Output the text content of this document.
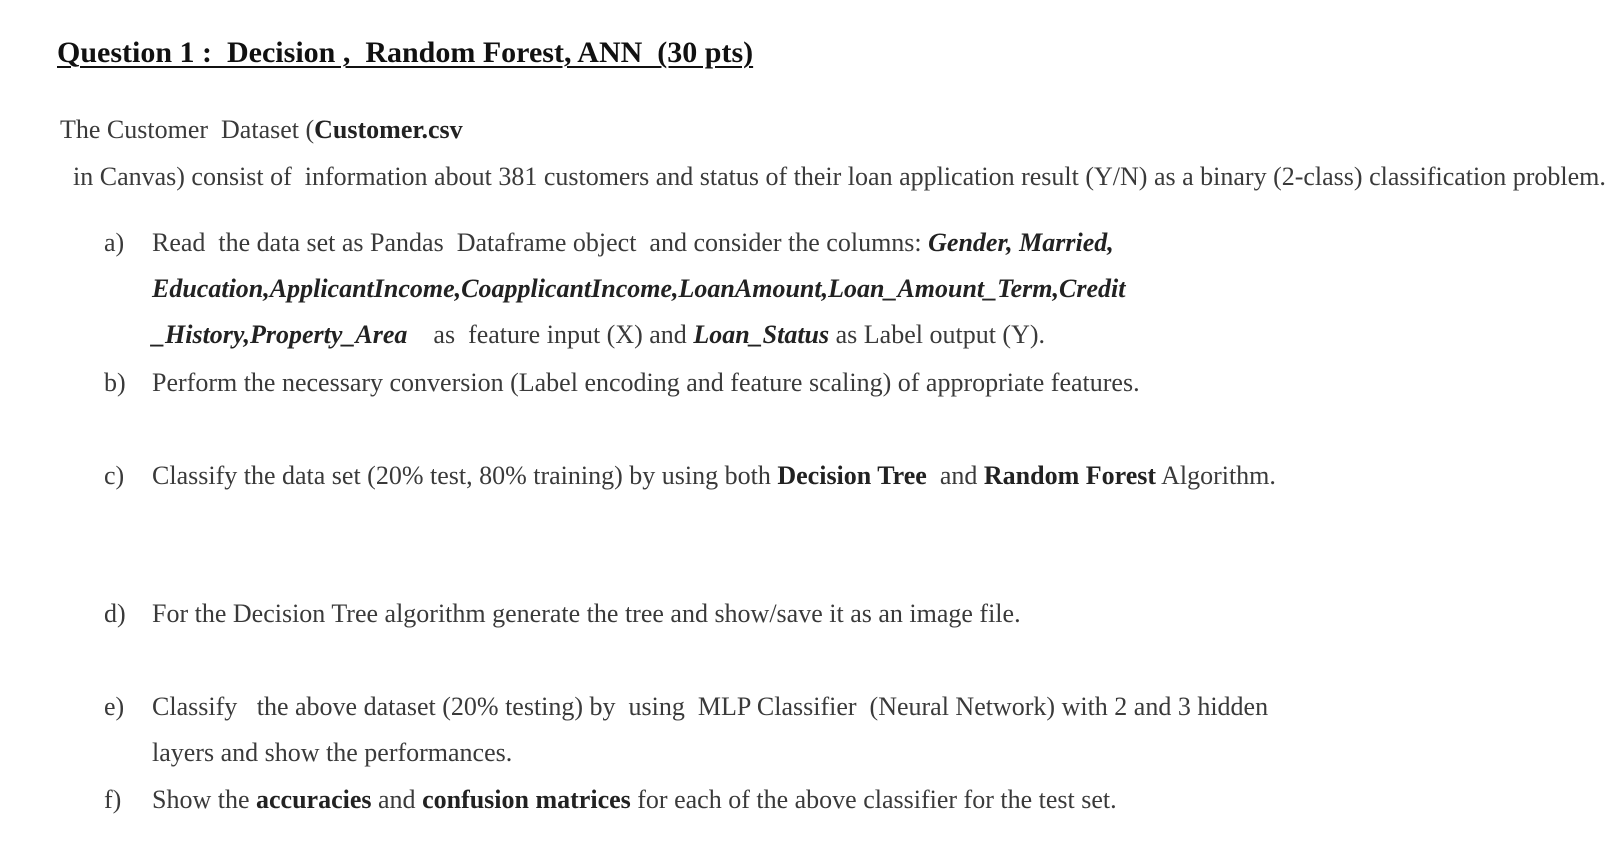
Question 1 :  Decision ,  Random Forest, ANN  (30 pts)

The Customer  Dataset (Customer.csv  in Canvas) consist of  information about 381 customers and status of their loan application result (Y/N) as a binary (2-class) classification problem.

a)	Read  the data set as Pandas  Dataframe object  and consider the columns: Gender, Married, Education,ApplicantIncome,CoapplicantIncome,LoanAmount,Loan_Amount_Term,Credit _History,Property_Area    as  feature input (X) and Loan_Status as Label output (Y).
b)	Perform the necessary conversion (Label encoding and feature scaling) of appropriate features.
c)	Classify the data set (20% test, 80% training) by using both Decision Tree  and Random Forest Algorithm.
d)	For the Decision Tree algorithm generate the tree and show/save it as an image file.
e)	Classify   the above dataset (20% testing) by  using  MLP Classifier  (Neural Network) with 2 and 3 hidden  layers and show the performances.
f)	Show the accuracies and confusion matrices for each of the above classifier for the test set.
